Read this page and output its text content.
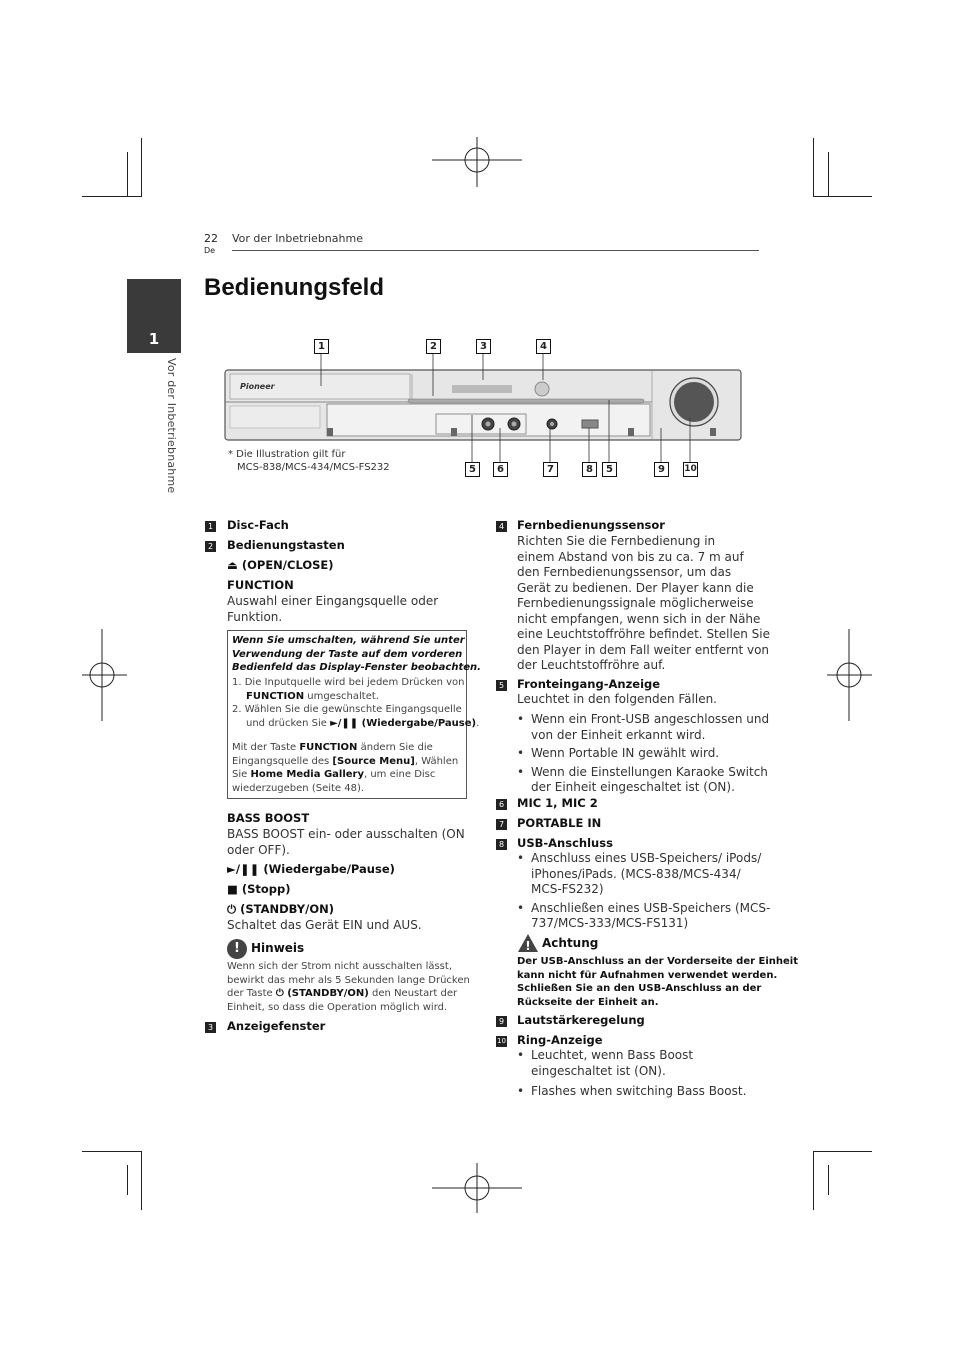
22
De
Vor der Inbetriebnahme
1
Vor der Inbetriebnahme
Bedienungsfeld
Pioneer
1	2	3	4
5	6	7	8	5	9	10
* Die Illustration gilt für
MCS-838/MCS-434/MCS-FS232
1 Disc-Fach
2 Bedienungstasten
⏏ (OPEN/CLOSE)
FUNCTION
Auswahl einer Eingangsquelle oder
Funktion.
Wenn Sie umschalten, während Sie unter
Verwendung der Taste auf dem vorderen
Bedienfeld das Display-Fenster beobachten.
1. Die Inputquelle wird bei jedem Drücken von
FUNCTION umgeschaltet.
2. Wählen Sie die gewünschte Eingangsquelle
und drücken Sie ►/❚❚ (Wiedergabe/Pause).
Mit der Taste FUNCTION ändern Sie die
Eingangsquelle des [Source Menu], Wählen
Sie Home Media Gallery, um eine Disc
wiederzugeben (Seite 48).
BASS BOOST
BASS BOOST ein- oder ausschalten (ON
oder OFF).
►/❚❚ (Wiedergabe/Pause)
■ (Stopp)
⏻ (STANDBY/ON)
Schaltet das Gerät EIN und AUS.
! Hinweis
Wenn sich der Strom nicht ausschalten lässt,
bewirkt das mehr als 5 Sekunden lange Drücken
der Taste ⏻ (STANDBY/ON) den Neustart der
Einheit, so dass die Operation möglich wird.
3 Anzeigefenster
4 Fernbedienungssensor
Richten Sie die Fernbedienung in
einem Abstand von bis zu ca. 7 m auf
den Fernbedienungssensor, um das
Gerät zu bedienen. Der Player kann die
Fernbedienungssignale möglicherweise
nicht empfangen, wenn sich in der Nähe
eine Leuchtstoffröhre befindet. Stellen Sie
den Player in dem Fall weiter entfernt von
der Leuchtstoffröhre auf.
5 Fronteingang-Anzeige
Leuchtet in den folgenden Fällen.
• Wenn ein Front-USB angeschlossen und
von der Einheit erkannt wird.
• Wenn Portable IN gewählt wird.
• Wenn die Einstellungen Karaoke Switch
der Einheit eingeschaltet ist (ON).
6 MIC 1, MIC 2
7 PORTABLE IN
8 USB-Anschluss
• Anschluss eines USB-Speichers/ iPods/
iPhones/iPads. (MCS-838/MCS-434/
MCS-FS232)
• Anschließen eines USB-Speichers (MCS-
737/MCS-333/MCS-FS131)
! Achtung
Der USB-Anschluss an der Vorderseite der Einheit
kann nicht für Aufnahmen verwendet werden.
Schließen Sie an den USB-Anschluss an der
Rückseite der Einheit an.
9 Lautstärkeregelung
10 Ring-Anzeige
• Leuchtet, wenn Bass Boost
eingeschaltet ist (ON).
• Flashes when switching Bass Boost.
